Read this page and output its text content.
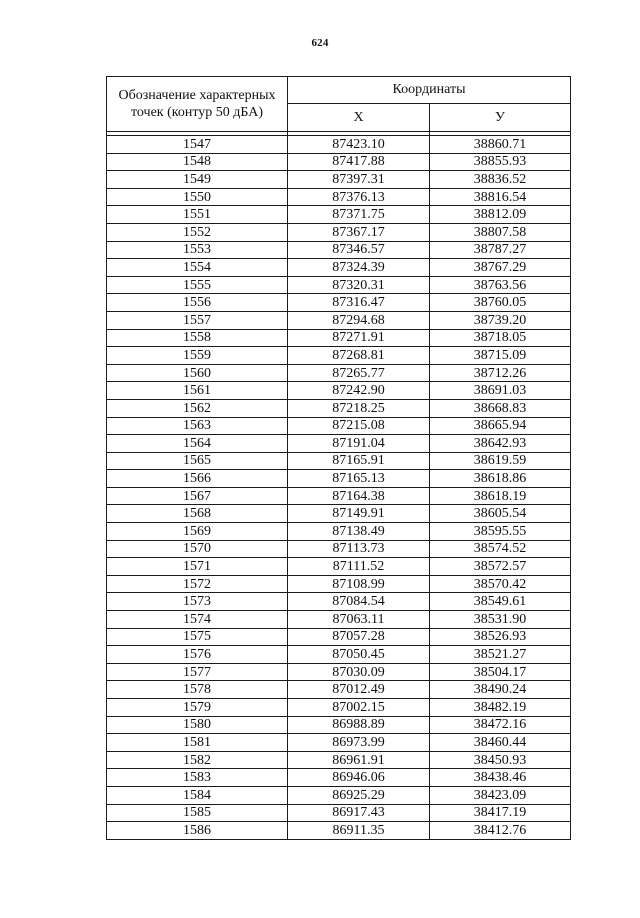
624
Обозначение характерных точек (контур 50 дБА)	Координаты	
	X	У

1547	87423.10	38860.71
1548	87417.88	38855.93
1549	87397.31	38836.52
1550	87376.13	38816.54
1551	87371.75	38812.09
1552	87367.17	38807.58
1553	87346.57	38787.27
1554	87324.39	38767.29
1555	87320.31	38763.56
1556	87316.47	38760.05
1557	87294.68	38739.20
1558	87271.91	38718.05
1559	87268.81	38715.09
1560	87265.77	38712.26
1561	87242.90	38691.03
1562	87218.25	38668.83
1563	87215.08	38665.94
1564	87191.04	38642.93
1565	87165.91	38619.59
1566	87165.13	38618.86
1567	87164.38	38618.19
1568	87149.91	38605.54
1569	87138.49	38595.55
1570	87113.73	38574.52
1571	87111.52	38572.57
1572	87108.99	38570.42
1573	87084.54	38549.61
1574	87063.11	38531.90
1575	87057.28	38526.93
1576	87050.45	38521.27
1577	87030.09	38504.17
1578	87012.49	38490.24
1579	87002.15	38482.19
1580	86988.89	38472.16
1581	86973.99	38460.44
1582	86961.91	38450.93
1583	86946.06	38438.46
1584	86925.29	38423.09
1585	86917.43	38417.19
1586	86911.35	38412.76
